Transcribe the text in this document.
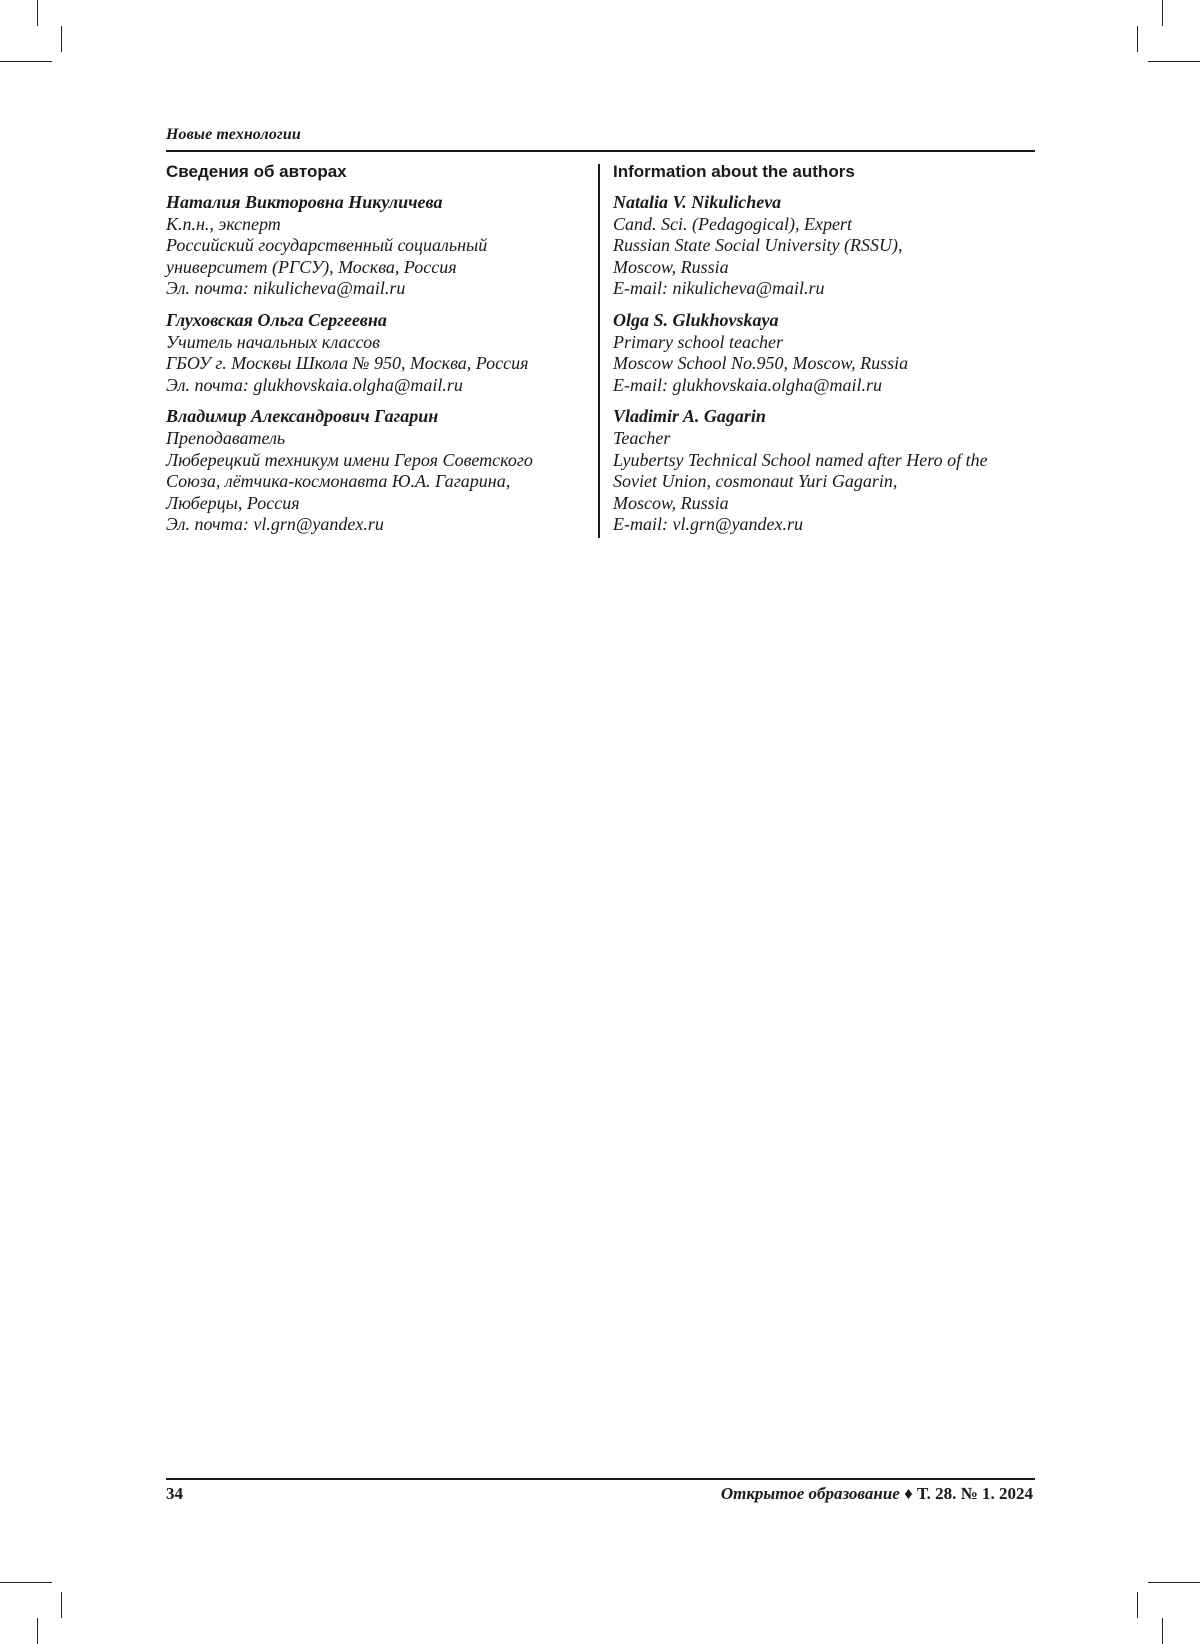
Новые технологии
Сведения об авторах
Наталия Викторовна Никуличева
К.п.н., эксперт
Российский государственный социальный
университет (РГСУ), Москва, Россия
Эл. почта: nikulicheva@mail.ru
Глуховская Ольга Сергеевна
Учитель начальных классов
ГБОУ г. Москвы Школа № 950, Москва, Россия
Эл. почта: glukhovskaia.olgha@mail.ru
Владимир Александрович Гагарин
Преподаватель
Люберецкий техникум имени Героя Советского
Союза, лётчика-космонавта Ю.А. Гагарина,
Люберцы, Россия
Эл. почта: vl.grn@yandex.ru
Information about the authors
Natalia V. Nikulicheva
Cand. Sci. (Pedagogical), Expert
Russian State Social University (RSSU),
Moscow, Russia
E-mail: nikulicheva@mail.ru
Olga S. Glukhovskaya
Primary school teacher
Moscow School No.950, Moscow, Russia
E-mail: glukhovskaia.olgha@mail.ru
Vladimir A. Gagarin
Teacher
Lyubertsy Technical School named after Hero of the
Soviet Union, cosmonaut Yuri Gagarin,
Moscow, Russia
E-mail: vl.grn@yandex.ru
34	Открытое образование ♦ Т. 28. № 1. 2024
